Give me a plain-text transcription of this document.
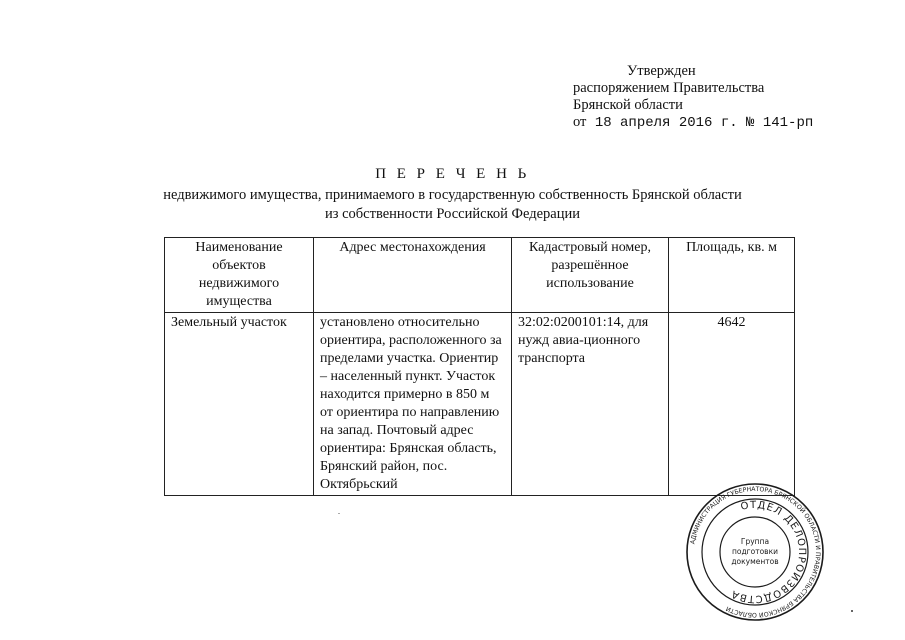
Утвержден
распоряжением Правительства
Брянской области
от 18 апреля 2016 г. № 141-рп
П Е Р Е Ч Е Н Ь
недвижимого имущества, принимаемого в государственную собственность Брянской области
из собственности Российской Федерации
Наименование объектов недвижимого имущества	Адрес местонахождения	Кадастровый номер, разрешённое использование	Площадь, кв. м
Земельный участок	установлено относительно ориентира, расположенного за пределами участка. Ориентир – населенный пункт. Участок находится примерно в 850 м от ориентира по направлению на запад. Почтовый адрес ориентира: Брянская область, Брянский район, пос. Октябрьский	32:02:0200101:14, для нужд авиа-ционного транспорта	4642
АДМИНИСТРАЦИЯ ГУБЕРНАТОРА БРЯНСКОЙ ОБЛАСТИ И ПРАВИТЕЛЬСТВА БРЯНСКОЙ ОБЛАСТИ
ОТДЕЛ ДЕЛОПРОИЗВОДСТВА
Группа
подготовки
документов
